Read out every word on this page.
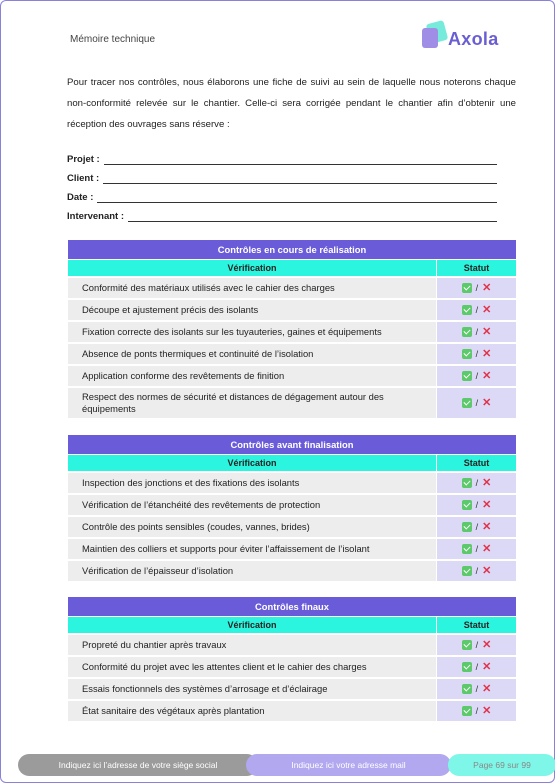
Mémoire technique	Axola
Pour tracer nos contrôles, nous élaborons une fiche de suivi au sein de laquelle nous noterons chaque non-conformité relevée sur le chantier. Celle-ci sera corrigée pendant le chantier afin d’obtenir une réception des ouvrages sans réserve :
Projet :
Client :
Date :
Intervenant :
Contrôles en cours de réalisation
Vérification	Statut
Conformité des matériaux utilisés avec le cahier des charges	/ ✕
Découpe et ajustement précis des isolants	/ ✕
Fixation correcte des isolants sur les tuyauteries, gaines et équipements	/ ✕
Absence de ponts thermiques et continuité de l’isolation	/ ✕
Application conforme des revêtements de finition	/ ✕
Respect des normes de sécurité et distances de dégagement autour des équipements	/ ✕
Contrôles avant finalisation
Vérification	Statut
Inspection des jonctions et des fixations des isolants	/ ✕
Vérification de l’étanchéité des revêtements de protection	/ ✕
Contrôle des points sensibles (coudes, vannes, brides)	/ ✕
Maintien des colliers et supports pour éviter l’affaissement de l’isolant	/ ✕
Vérification de l’épaisseur d’isolation	/ ✕
Contrôles finaux
Vérification	Statut
Propreté du chantier après travaux	/ ✕
Conformité du projet avec les attentes client et le cahier des charges	/ ✕
Essais fonctionnels des systèmes d’arrosage et d’éclairage	/ ✕
État sanitaire des végétaux après plantation	/ ✕
Indiquez ici l’adresse de votre siège social	Indiquez ici votre adresse mail	Page 69 sur 99
